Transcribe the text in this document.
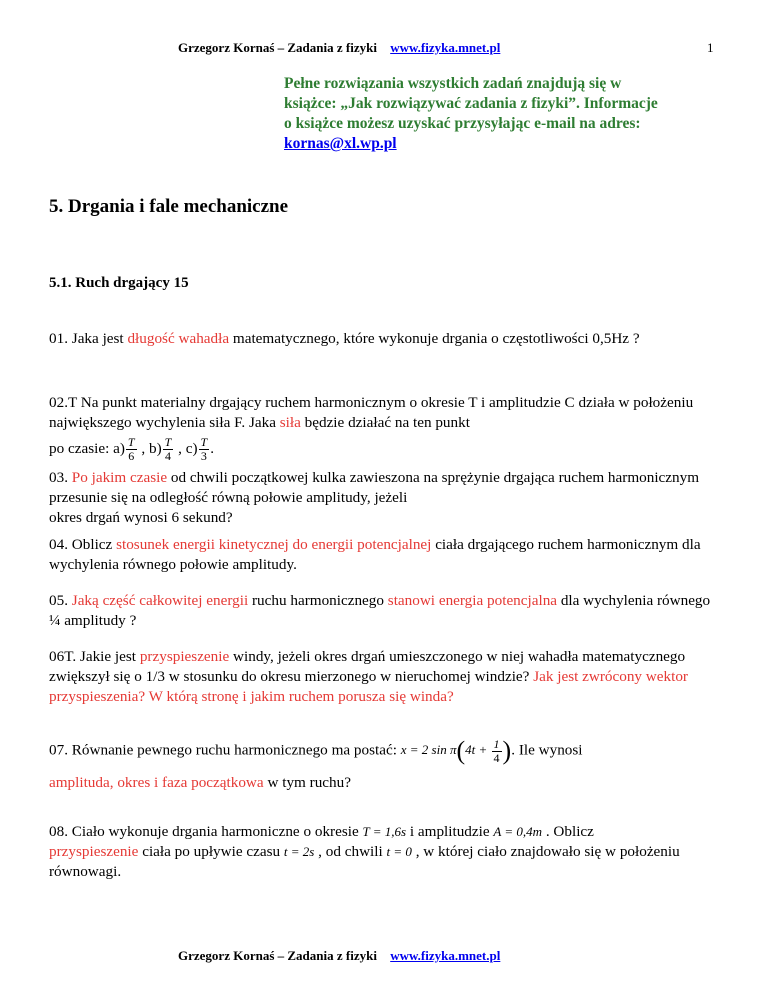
Grzegorz Kornaś – Zadania z fizyki www.fizyka.mnet.pl	1
Pełne rozwiązania wszystkich zadań znajdują się w
książce: „Jak rozwiązywać zadania z fizyki”. Informacje
o książce możesz uzyskać przysyłając e-mail na adres:
kornas@xl.wp.pl
5. Drgania i fale mechaniczne
5.1. Ruch drgający 15
01. Jaka jest długość wahadła matematycznego, które wykonuje drgania o częstotliwości 0,5Hz ?
02.T Na punkt materialny drgający ruchem harmonicznym o okresie T i amplitudzie C działa w położeniu największego wychylenia siła F. Jaka siła będzie działać na ten punkt
po czasie: $a) \frac{T}{6}$ , $b) \frac{T}{4}$ , $c) \frac{T}{3}$ .
03. Po jakim czasie od chwili początkowej kulka zawieszona na sprężynie drgająca ruchem harmonicznym przesunie się na odległość równą połowie amplitudy, jeżeli
okres drgań wynosi 6 sekund?
04. Oblicz stosunek energii kinetycznej do energii potencjalnej ciała drgającego ruchem harmonicznym dla wychylenia równego połowie amplitudy.
05. Jaką część całkowitej energii ruchu harmonicznego stanowi energia potencjalna dla wychylenia równego ¼ amplitudy ?
06T. Jakie jest przyspieszenie windy, jeżeli okres drgań umieszczonego w niej wahadła matematycznego zwiększył się o 1/3 w stosunku do okresu mierzonego w nieruchomej windzie? Jak jest zwrócony wektor przyspieszenia? W którą stronę i jakim ruchem porusza się winda?
07. Równanie pewnego ruchu harmonicznego ma postać: x = 2 $\sin \pi(4t + \frac{1}{4}$ ). Ile wynosi
amplituda, okres i faza początkowa w tym ruchu?
08. Ciało wykonuje drgania harmoniczne o okresie T = 1,6s i amplitudzie A = 0,4m . Oblicz
przyspieszenie ciała po upływie czasu t = 2s , od chwili t = 0 , w której ciało znajdowało się w położeniu równowagi.
Grzegorz Kornaś – Zadania z fizyki www.fizyka.mnet.pl
